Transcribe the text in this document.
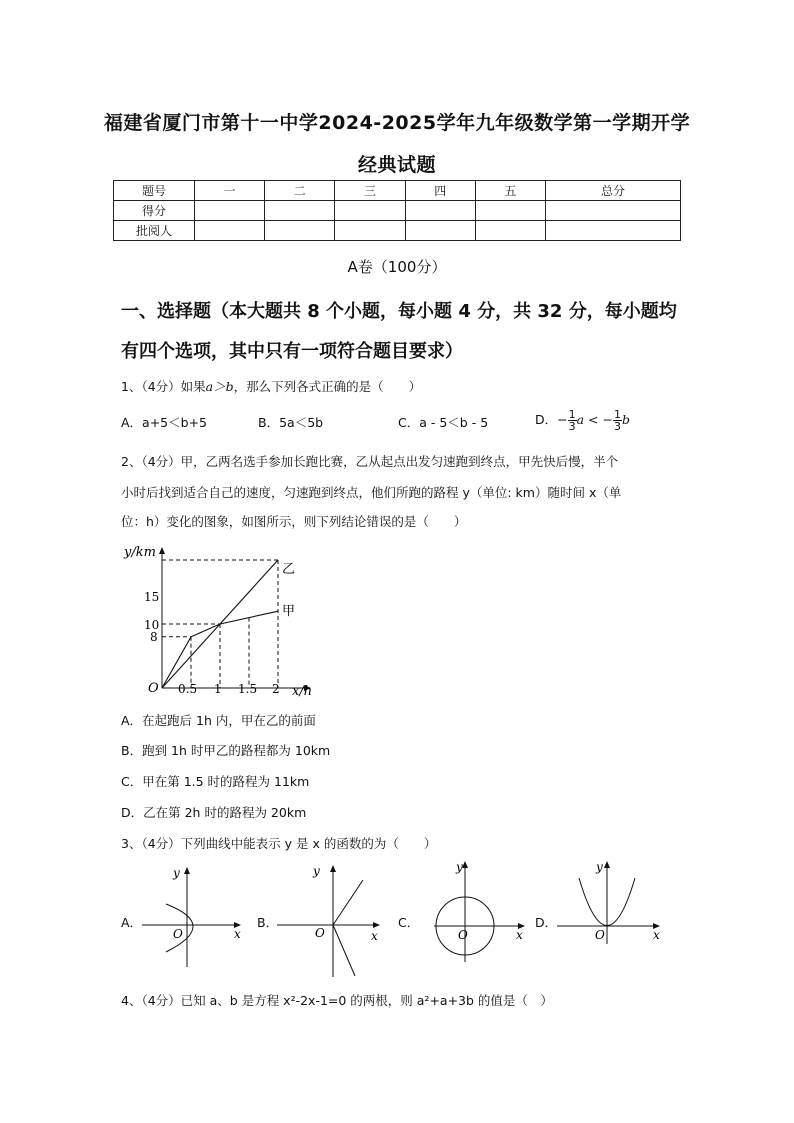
福建省厦门市第十一中学2024-2025学年九年级数学第一学期开学
经典试题
题号	一	二	三	四	五	总分
得分						
批阅人						
A卷（100分）
一、选择题（本大题共 8 个小题，每小题 4 分，共 32 分，每小题均
有四个选项，其中只有一项符合题目要求）
1、（4分）如果a＞b，那么下列各式正确的是（　　）
A．a+5＜b+5	B．5a＜5b	C．a - 5＜b - 5	D．− $\frac{1}{3}$ a < − $\frac{1}{3}$ b
2、（4分）甲，乙两名选手参加长跑比赛，乙从起点出发匀速跑到终点，甲先快后慢，半个
小时后找到适合自己的速度，匀速跑到终点，他们所跑的路程 y（单位: km）随时间 x（单
位：h）变化的图象，如图所示，则下列结论错误的是（　　）
y/km
x/h
O
15
10
8
0.5 1 1.5 2
乙
甲
A．在起跑后 1h 内，甲在乙的前面
B．跑到 1h 时甲乙的路程都为 10km
C．甲在第 1.5 时的路程为 11km
D．乙在第 2h 时的路程为 20km
3、（4分）下列曲线中能表示 y 是 x 的函数的为（　　）
A．
y
x
O
B．
y
x
O
C．
y
x
O
D．
y
x
O
4、（4分）已知 a、b 是方程 x²-2x-1=0 的两根，则 a²+a+3b 的值是（　）
